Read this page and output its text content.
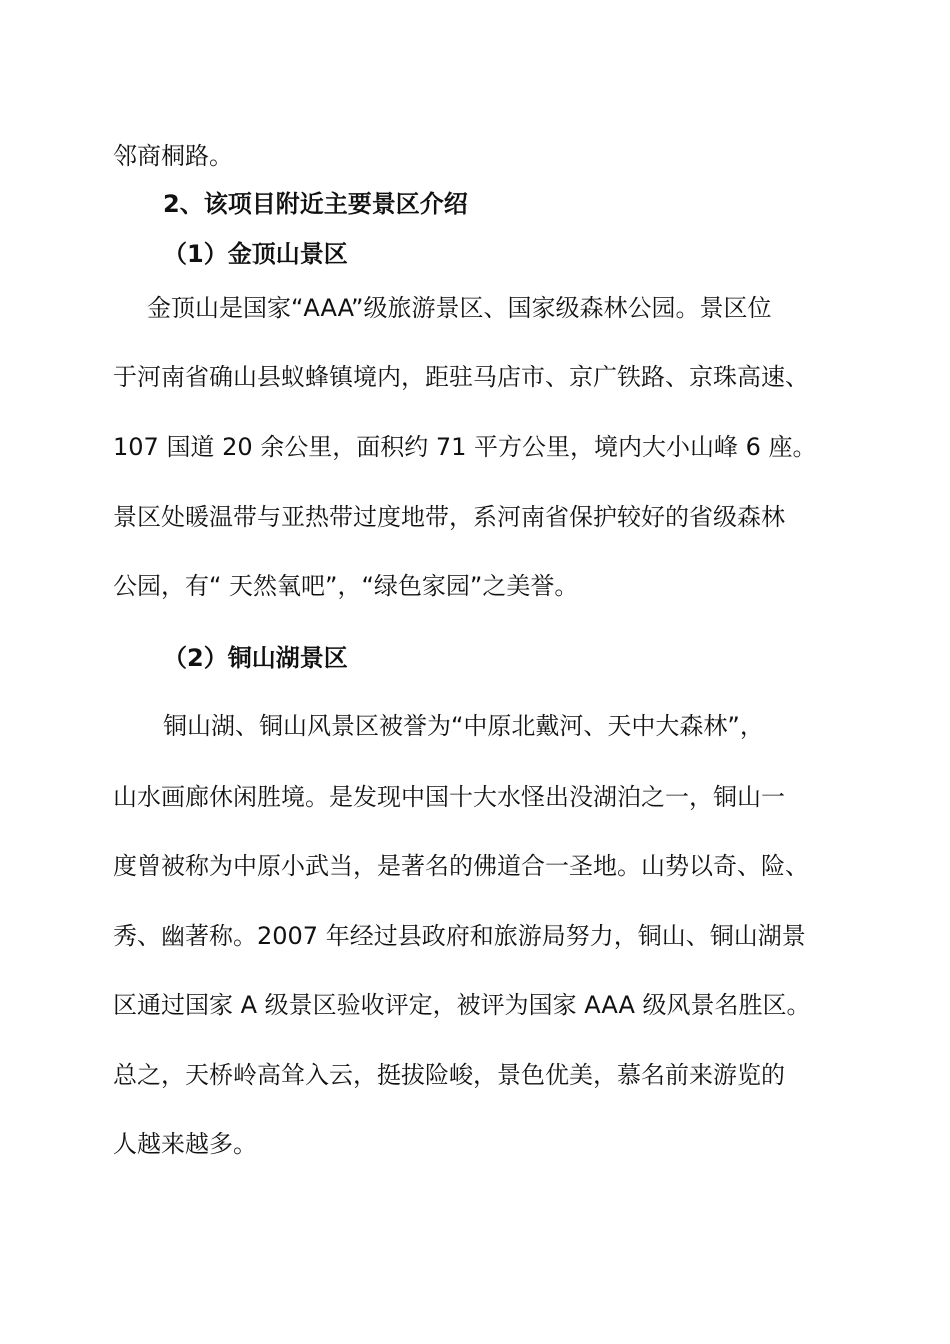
邻商桐路。
2、该项目附近主要景区介绍
（1）金顶山景区
金顶山是国家“AAA”级旅游景区、国家级森林公园。景区位
于河南省确山县蚁蜂镇境内，距驻马店市、京广铁路、京珠高速、
107 国道 20 余公里，面积约 71 平方公里，境内大小山峰 6 座。
景区处暖温带与亚热带过度地带，系河南省保护较好的省级森林
公园，有“ 天然氧吧”，“绿色家园”之美誉。
（2）铜山湖景区
铜山湖、铜山风景区被誉为“中原北戴河、天中大森林”，
山水画廊休闲胜境。是发现中国十大水怪出没湖泊之一，铜山一
度曾被称为中原小武当，是著名的佛道合一圣地。山势以奇、险、
秀、幽著称。2007 年经过县政府和旅游局努力，铜山、铜山湖景
区通过国家 A 级景区验收评定，被评为国家 AAA 级风景名胜区。
总之，天桥岭高耸入云，挺拔险峻，景色优美，慕名前来游览的
人越来越多。
